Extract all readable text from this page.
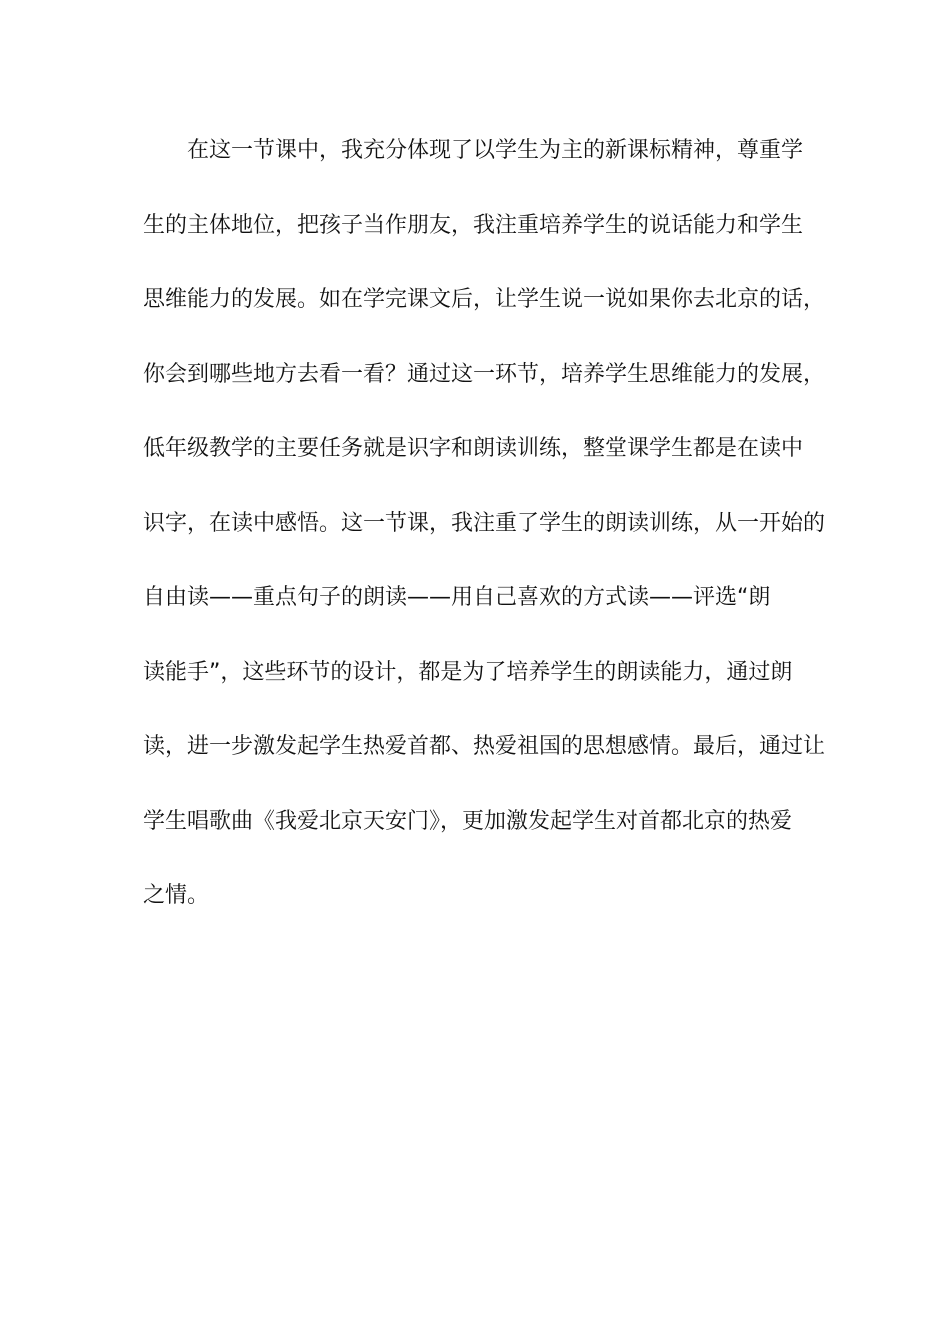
在这一节课中，我充分体现了以学生为主的新课标精神，尊重学
生的主体地位，把孩子当作朋友，我注重培养学生的说话能力和学生
思维能力的发展。如在学完课文后，让学生说一说如果你去北京的话，
你会到哪些地方去看一看？通过这一环节，培养学生思维能力的发展，
低年级教学的主要任务就是识字和朗读训练，整堂课学生都是在读中
识字，在读中感悟。这一节课，我注重了学生的朗读训练，从一开始的
自由读——重点句子的朗读——用自己喜欢的方式读——评选“朗
读能手”，这些环节的设计，都是为了培养学生的朗读能力，通过朗
读，进一步激发起学生热爱首都、热爱祖国的思想感情。最后，通过让
学生唱歌曲《我爱北京天安门》，更加激发起学生对首都北京的热爱
之情。
